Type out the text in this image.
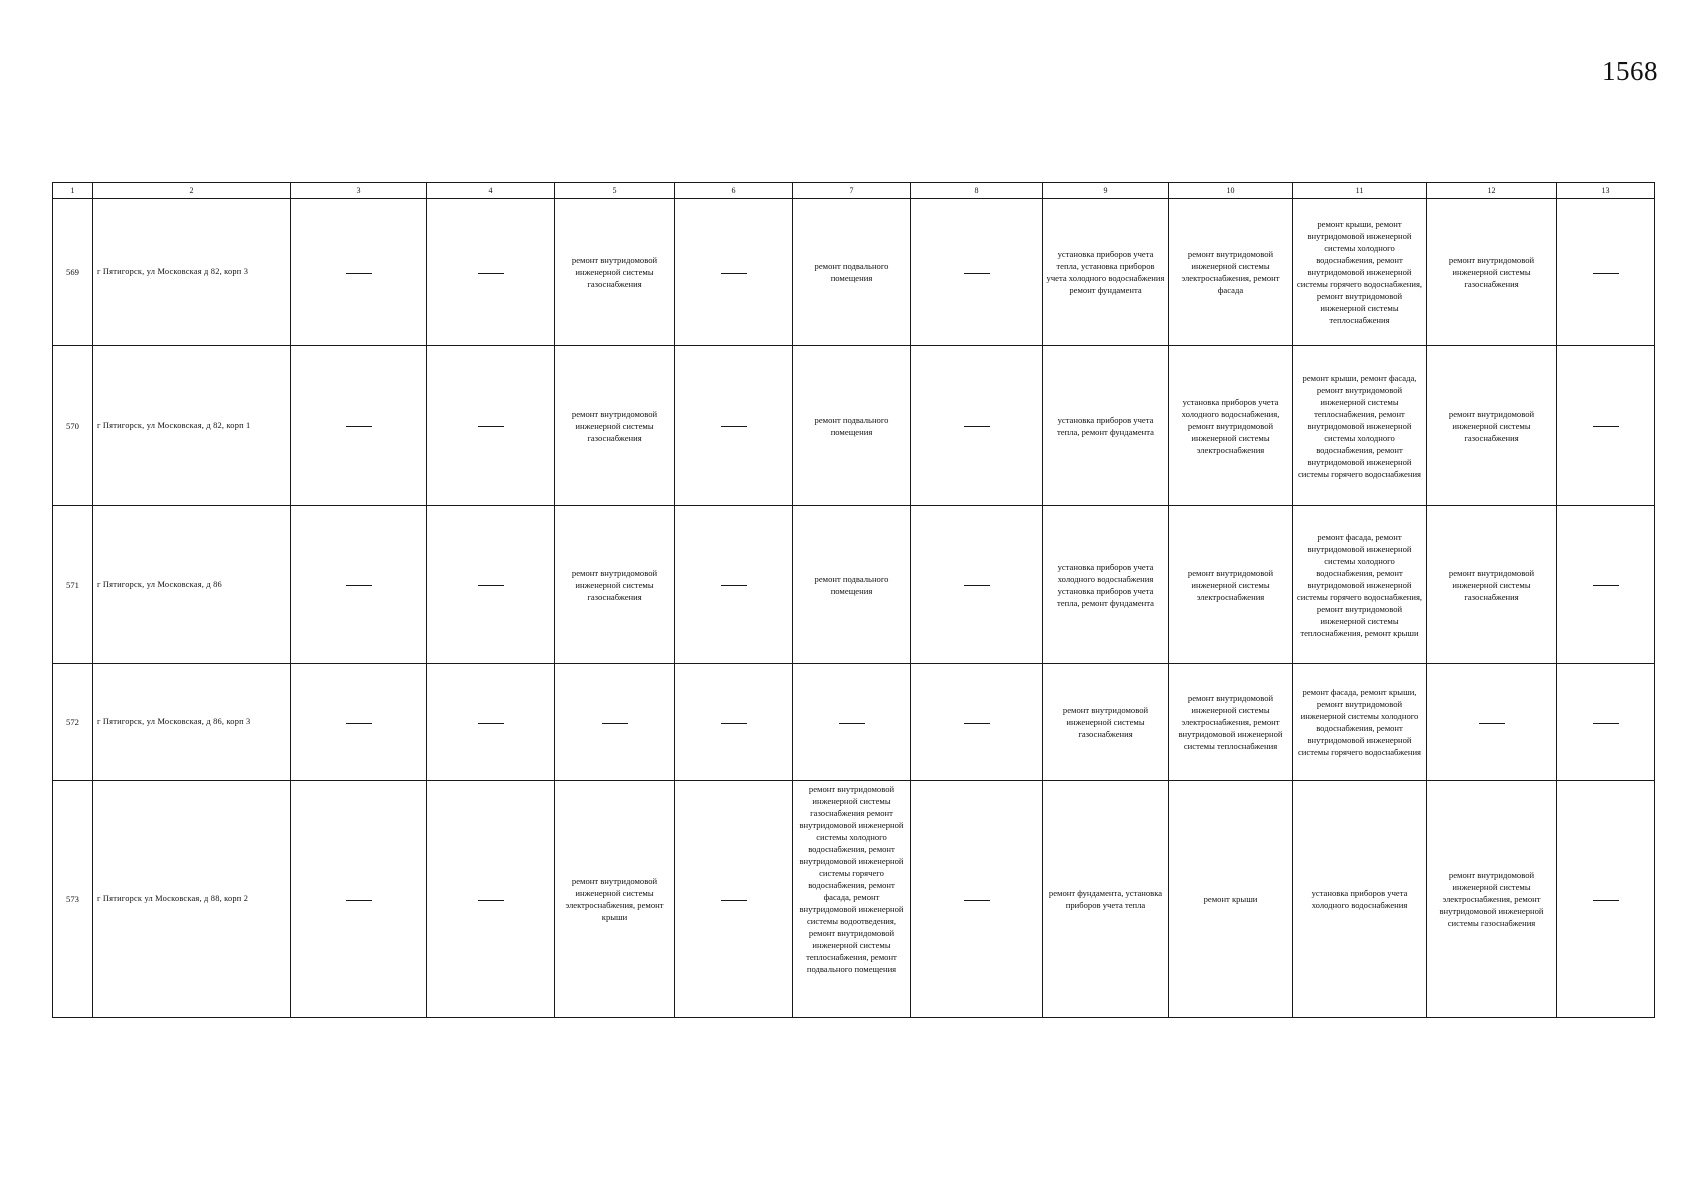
1568
1	2	3	4	5	6	7	8	9	10	11	12	13
569	г Пятигорск, ул Московская д 82, корп 3			ремонт внутридомовой инженерной системы газоснабжения		ремонт подвального помещения		установка приборов учета тепла, установка приборов учета холодного водоснабжения ремонт фундамента	ремонт внутридомовой инженерной системы электроснабжения, ремонт фасада	ремонт крыши, ремонт внутридомовой инженерной системы холодного водоснабжения, ремонт внутридомовой инженерной системы горячего водоснабжения, ремонт внутридомовой инженерной системы теплоснабжения	ремонт внутридомовой инженерной системы газоснабжения	
570	г Пятигорск, ул Московская, д 82, корп 1			ремонт внутридомовой инженерной системы газоснабжения		ремонт подвального помещения		установка приборов учета тепла, ремонт фундамента	установка приборов учета холодного водоснабжения, ремонт внутридомовой инженерной системы электроснабжения	ремонт крыши, ремонт фасада, ремонт внутридомовой инженерной системы теплоснабжения, ремонт внутридомовой инженерной системы холодного водоснабжения, ремонт внутридомовой инженерной системы горячего водоснабжения	ремонт внутридомовой инженерной системы газоснабжения	
571	г Пятигорск, ул Московская, д 86			ремонт внутридомовой инженерной системы газоснабжения		ремонт подвального помещения		установка приборов учета холодного водоснабжения установка приборов учета тепла, ремонт фундамента	ремонт внутридомовой инженерной системы электроснабжения	ремонт фасада, ремонт внутридомовой инженерной системы холодного водоснабжения, ремонт внутридомовой инженерной системы горячего водоснабжения, ремонт внутридомовой инженерной системы теплоснабжения, ремонт крыши	ремонт внутридомовой инженерной системы газоснабжения	
572	г Пятигорск, ул Московская, д 86, корп 3							ремонт внутридомовой инженерной системы газоснабжения	ремонт внутридомовой инженерной системы электроснабжения, ремонт внутридомовой инженерной системы теплоснабжения	ремонт фасада, ремонт крыши, ремонт внутридомовой инженерной системы холодного водоснабжения, ремонт внутридомовой инженерной системы горячего водоснабжения		
573	г Пятигорск ул Московская, д 88, корп 2			ремонт внутридомовой инженерной системы электроснабжения, ремонт крыши		ремонт внутридомовой инженерной системы газоснабжения ремонт внутридомовой инженерной системы холодного водоснабжения, ремонт внутридомовой инженерной системы горячего водоснабжения, ремонт фасада, ремонт внутридомовой инженерной системы водоотведения, ремонт внутридомовой инженерной системы теплоснабжения, ремонт подвального помещения		ремонт фундамента, установка приборов учета тепла	ремонт крыши	установка приборов учета холодного водоснабжения	ремонт внутридомовой инженерной системы электроснабжения, ремонт внутридомовой инженерной системы газоснабжения	
